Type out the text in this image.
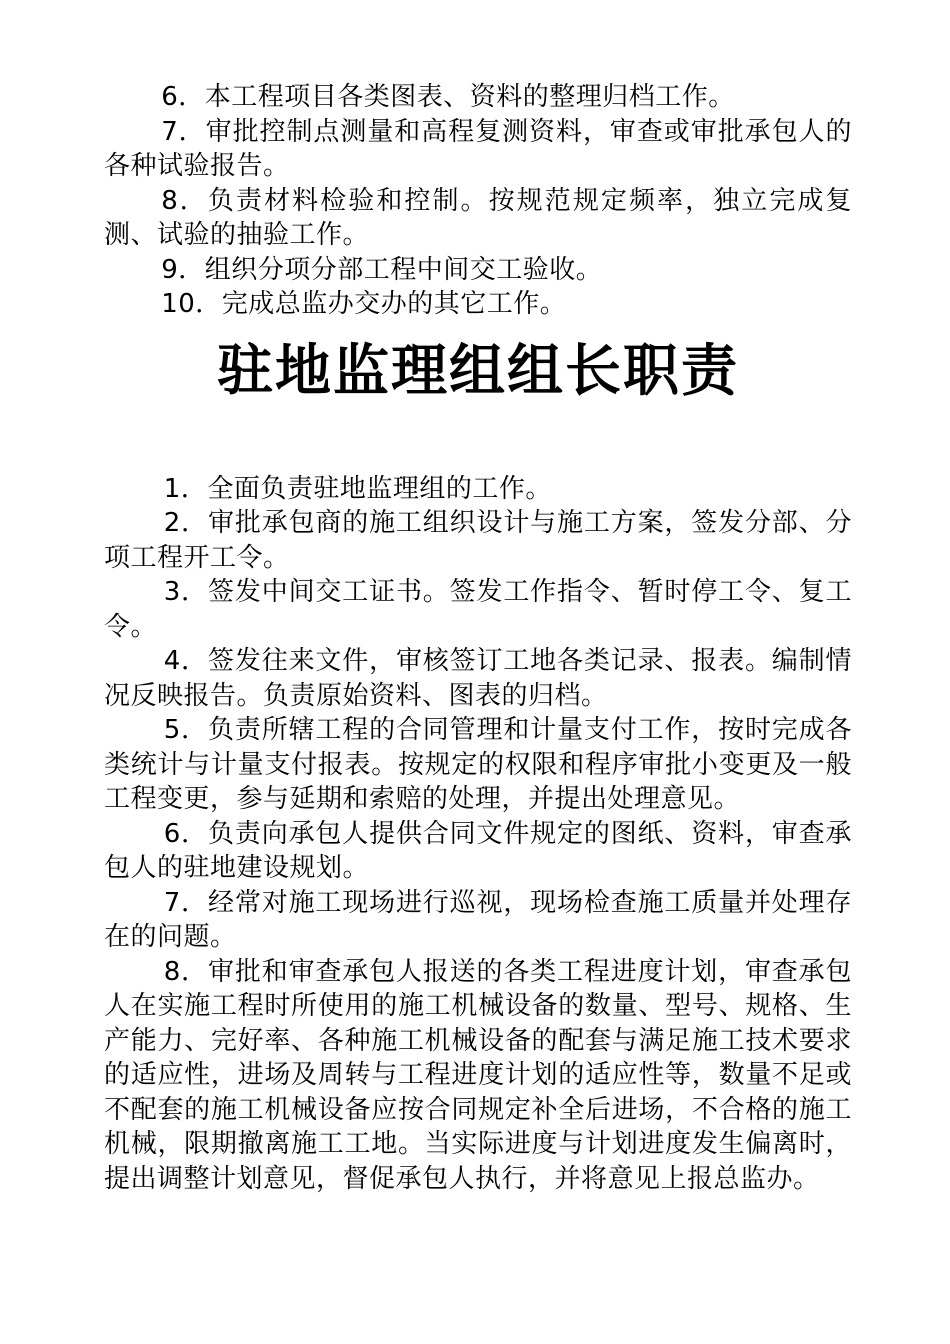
6．本工程项目各类图表、资料的整理归档工作。

7．审批控制点测量和高程复测资料，审查或审批承包人的各种试验报告。

8．负责材料检验和控制。按规范规定频率，独立完成复测、试验的抽验工作。

9．组织分项分部工程中间交工验收。

10．完成总监办交办的其它工作。

驻地监理组组长职责

1．全面负责驻地监理组的工作。

2．审批承包商的施工组织设计与施工方案，签发分部、分项工程开工令。

3．签发中间交工证书。签发工作指令、暂时停工令、复工令。

4．签发往来文件，审核签订工地各类记录、报表。编制情况反映报告。负责原始资料、图表的归档。

5．负责所辖工程的合同管理和计量支付工作，按时完成各类统计与计量支付报表。按规定的权限和程序审批小变更及一般工程变更，参与延期和索赔的处理，并提出处理意见。

6．负责向承包人提供合同文件规定的图纸、资料，审查承包人的驻地建设规划。

7．经常对施工现场进行巡视，现场检查施工质量并处理存在的问题。

8．审批和审查承包人报送的各类工程进度计划，审查承包人在实施工程时所使用的施工机械设备的数量、型号、规格、生产能力、完好率、各种施工机械设备的配套与满足施工技术要求的适应性，进场及周转与工程进度计划的适应性等，数量不足或不配套的施工机械设备应按合同规定补全后进场，不合格的施工机械，限期撤离施工工地。当实际进度与计划进度发生偏离时，提出调整计划意见，督促承包人执行，并将意见上报总监办。
